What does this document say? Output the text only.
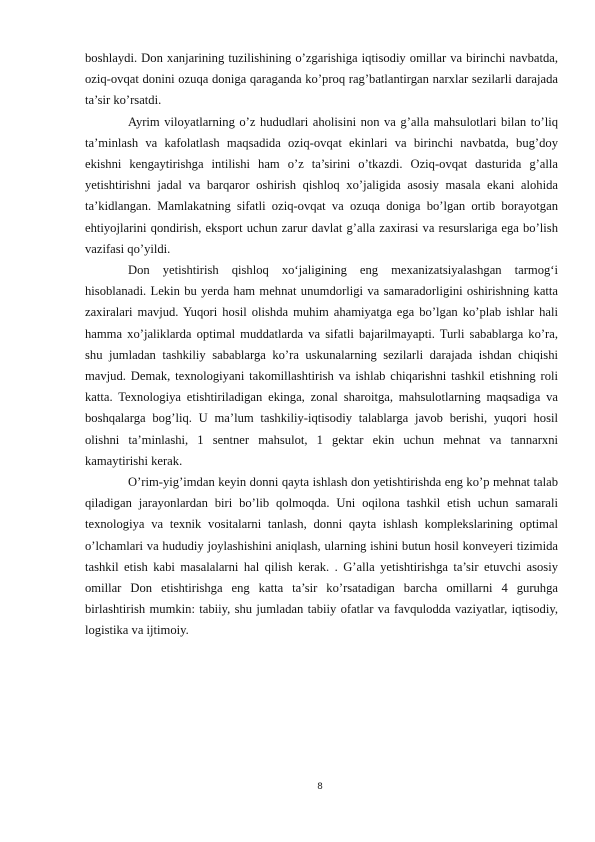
boshlaydi. Don xanjarining tuzilishining o’zgarishiga iqtisodiy omillar va birinchi navbatda, oziq-ovqat donini ozuqa doniga qaraganda ko’proq rag’batlantirgan narxlar sezilarli darajada ta’sir ko’rsatdi.

Ayrim viloyatlarning o’z hududlari aholisini non va g’alla mahsulotlari bilan to’liq ta’minlash va kafolatlash maqsadida oziq-ovqat ekinlari va birinchi navbatda, bug’doy ekishni kengaytirishga intilishi ham o’z ta’sirini o’tkazdi. Oziq-ovqat dasturida g’alla yetishtirishni jadal va barqaror oshirish qishloq xo’jaligida asosiy masala ekani alohida ta’kidlangan. Mamlakatning sifatli oziq-ovqat va ozuqa doniga bo’lgan ortib borayotgan ehtiyojlarini qondirish, eksport uchun zarur davlat g’alla zaxirasi va resurslariga ega bo’lish vazifasi qo’yildi.

Don yetishtirish qishloq xo‘jaligining eng mexanizatsiyalashgan tarmog‘i hisoblanadi. Lekin bu yerda ham mehnat unumdorligi va samaradorligini oshirishning katta zaxiralari mavjud. Yuqori hosil olishda muhim ahamiyatga ega bo’lgan ko’plab ishlar hali hamma xo’jaliklarda optimal muddatlarda va sifatli bajarilmayapti. Turli sabablarga ko’ra, shu jumladan tashkiliy sabablarga ko’ra uskunalarning sezilarli darajada ishdan chiqishi mavjud. Demak, texnologiyani takomillashtirish va ishlab chiqarishni tashkil etishning roli katta. Texnologiya etishtiriladigan ekinga, zonal sharoitga, mahsulotlarning maqsadiga va boshqalarga bog’liq. U ma’lum tashkiliy-iqtisodiy talablarga javob berishi, yuqori hosil olishni ta’minlashi, 1 sentner mahsulot, 1 gektar ekin uchun mehnat va tannarxni kamaytirishi kerak.

O’rim-yig’imdan keyin donni qayta ishlash don yetishtirishda eng ko’p mehnat talab qiladigan jarayonlardan biri bo’lib qolmoqda. Uni oqilona tashkil etish uchun samarali texnologiya va texnik vositalarni tanlash, donni qayta ishlash komplekslarining optimal o’lchamlari va hududiy joylashishini aniqlash, ularning ishini butun hosil konveyeri tizimida tashkil etish kabi masalalarni hal qilish kerak. . G’alla yetishtirishga ta’sir etuvchi asosiy omillar Don etishtirishga eng katta ta’sir ko’rsatadigan barcha omillarni 4 guruhga birlashtirish mumkin: tabiiy, shu jumladan tabiiy ofatlar va favqulodda vaziyatlar, iqtisodiy, logistika va ijtimoiy.

8
